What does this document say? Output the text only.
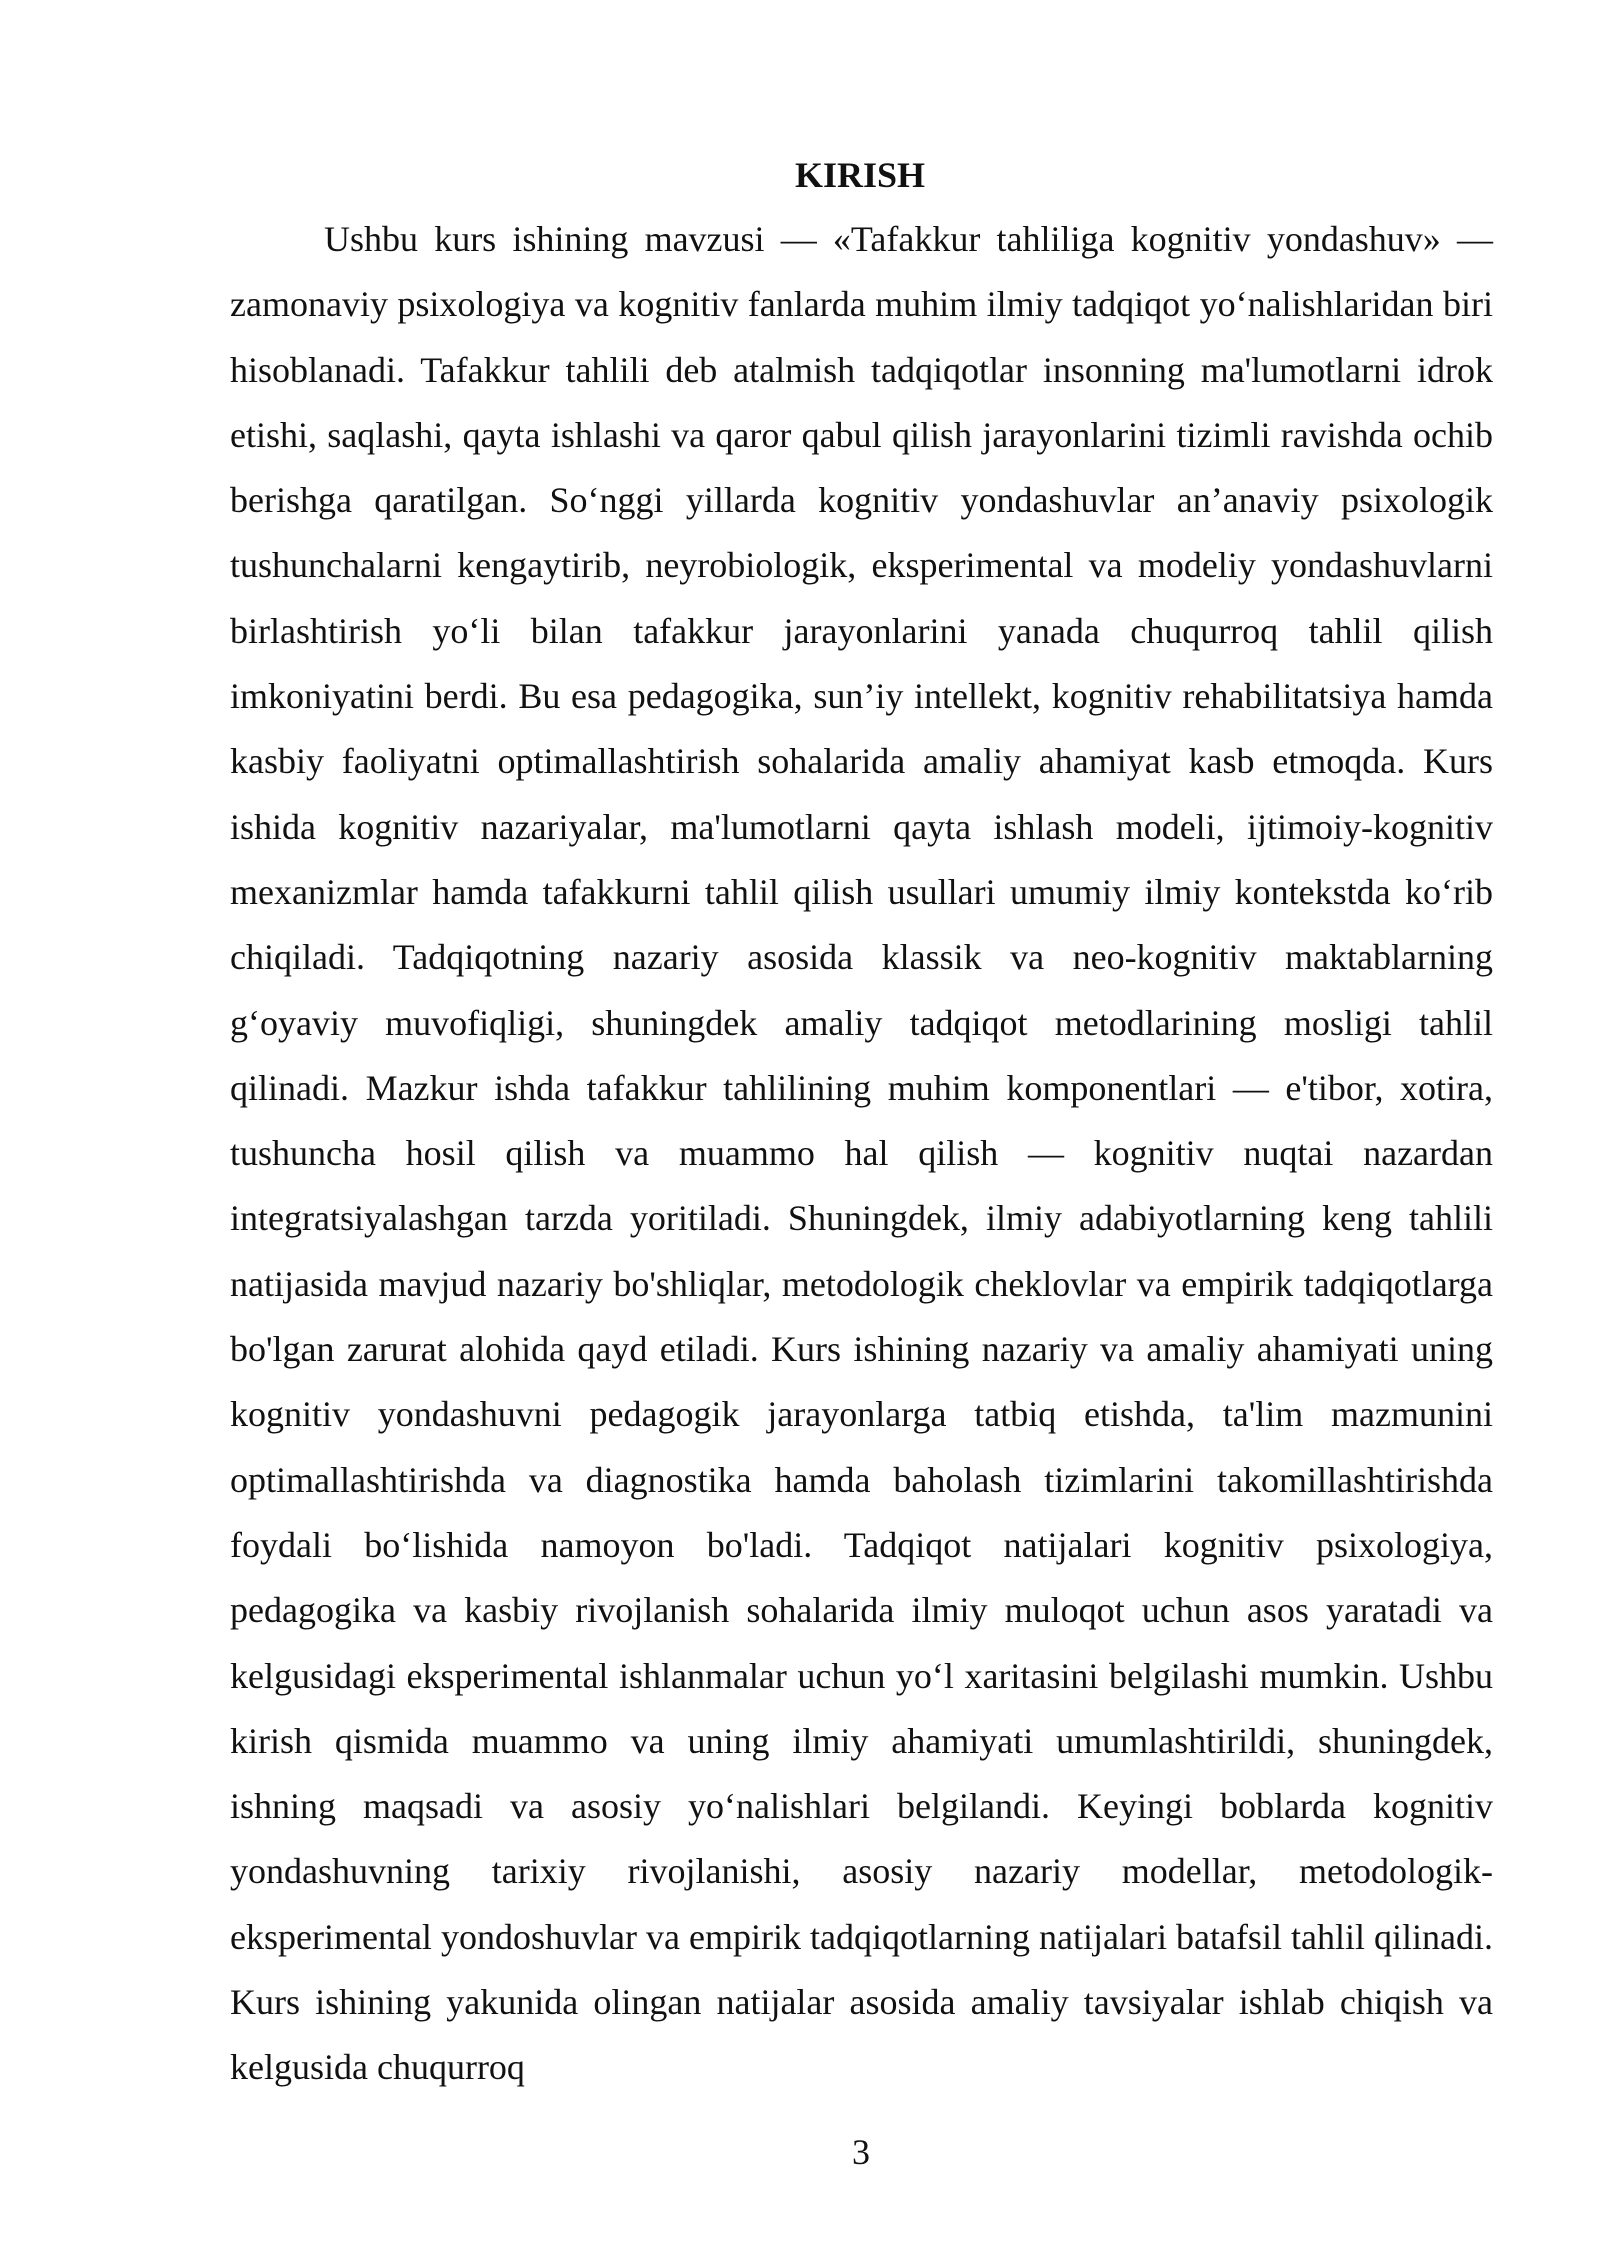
KIRISH

Ushbu kurs ishining mavzusi — «Tafakkur tahliliga kognitiv yondashuv» — zamonaviy psixologiya va kognitiv fanlarda muhim ilmiy tadqiqot yo‘nalishlaridan biri hisoblanadi. Tafakkur tahlili deb atalmish tadqiqotlar insonning ma'lumotlarni idrok etishi, saqlashi, qayta ishlashi va qaror qabul qilish jarayonlarini tizimli ravishda ochib berishga qaratilgan. So‘nggi yillarda kognitiv yondashuvlar an’anaviy psixologik tushunchalarni kengaytirib, neyrobiologik, eksperimental va modeliy yondashuvlarni birlashtirish yo‘li bilan tafakkur jarayonlarini yanada chuqurroq tahlil qilish imkoniyatini berdi. Bu esa pedagogika, sun’iy intellekt, kognitiv rehabilitatsiya hamda kasbiy faoliyatni optimallashtirish sohalarida amaliy ahamiyat kasb etmoqda. Kurs ishida kognitiv nazariyalar, ma'lumotlarni qayta ishlash modeli, ijtimoiy-kognitiv mexanizmlar hamda tafakkurni tahlil qilish usullari umumiy ilmiy kontekstda ko‘rib chiqiladi. Tadqiqotning nazariy asosida klassik va neo-kognitiv maktablarning g‘oyaviy muvofiqligi, shuningdek amaliy tadqiqot metodlarining mosligi tahlil qilinadi. Mazkur ishda tafakkur tahlilining muhim komponentlari — e'tibor, xotira, tushuncha hosil qilish va muammo hal qilish — kognitiv nuqtai nazardan integratsiyalashgan tarzda yoritiladi. Shuningdek, ilmiy adabiyotlarning keng tahlili natijasida mavjud nazariy bo'shliqlar, metodologik cheklovlar va empirik tadqiqotlarga bo'lgan zarurat alohida qayd etiladi. Kurs ishining nazariy va amaliy ahamiyati uning kognitiv yondashuvni pedagogik jarayonlarga tatbiq etishda, ta'lim mazmunini optimallashtirishda va diagnostika hamda baholash tizimlarini takomillashtirishda foydali bo‘lishida namoyon bo'ladi. Tadqiqot natijalari kognitiv psixologiya, pedagogika va kasbiy rivojlanish sohalarida ilmiy muloqot uchun asos yaratadi va kelgusidagi eksperimental ishlanmalar uchun yo‘l xaritasini belgilashi mumkin. Ushbu kirish qismida muammo va uning ilmiy ahamiyati umumlashtirildi, shuningdek, ishning maqsadi va asosiy yo‘nalishlari belgilandi. Keyingi boblarda kognitiv yondashuvning tarixiy rivojlanishi, asosiy nazariy modellar, metodologik-eksperimental yondoshuvlar va empirik tadqiqotlarning natijalari batafsil tahlil qilinadi. Kurs ishining yakunida olingan natijalar asosida amaliy tavsiyalar ishlab chiqish va kelgusida chuqurroq

3
